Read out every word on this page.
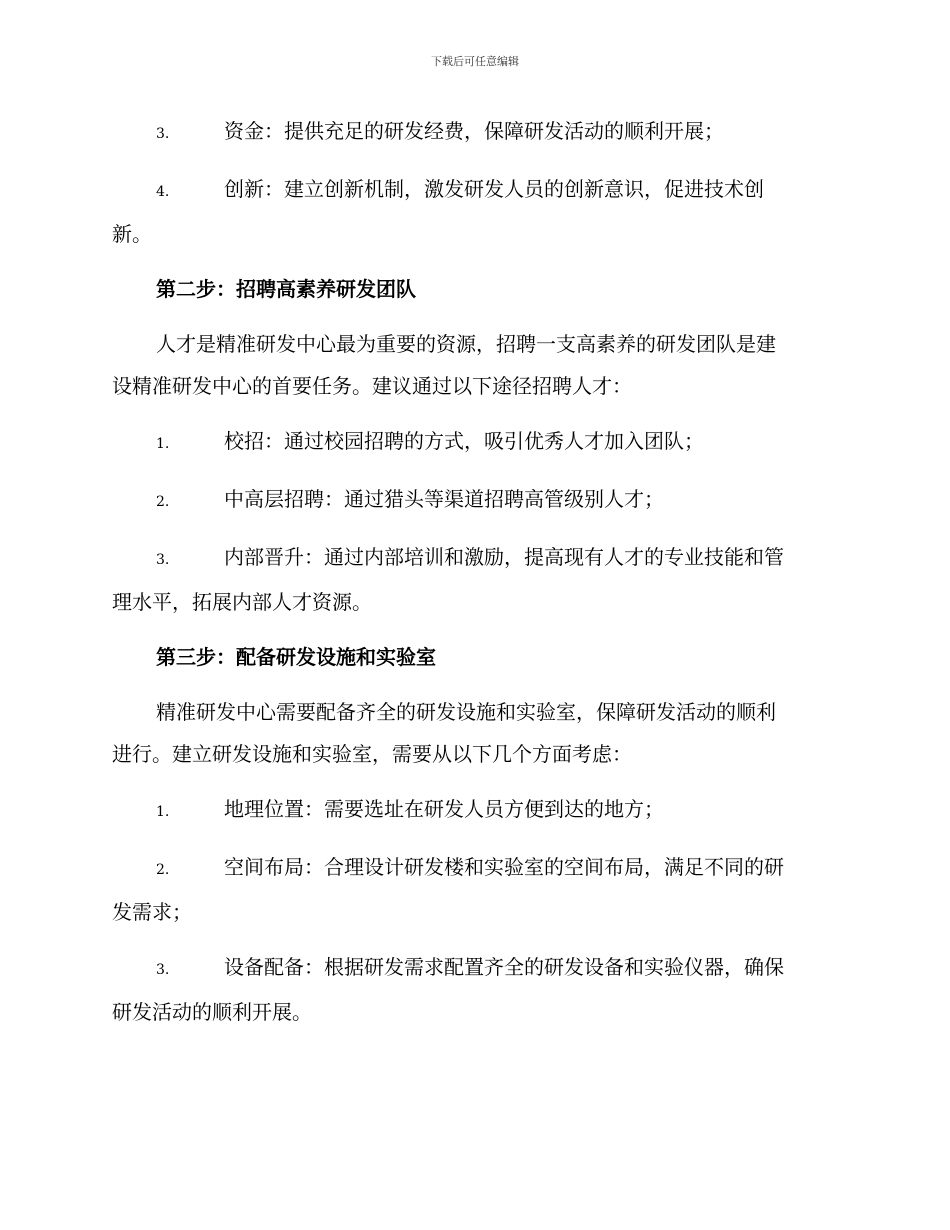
下载后可任意编辑
3.	资金：提供充足的研发经费，保障研发活动的顺利开展；
4.	创新：建立创新机制，激发研发人员的创新意识，促进技术创
新。
第二步：招聘高素养研发团队
人才是精准研发中心最为重要的资源，招聘一支高素养的研发团队是建
设精准研发中心的首要任务。建议通过以下途径招聘人才：
1.	校招：通过校园招聘的方式，吸引优秀人才加入团队；
2.	中高层招聘：通过猎头等渠道招聘高管级别人才；
3.	内部晋升：通过内部培训和激励，提高现有人才的专业技能和管
理水平，拓展内部人才资源。
第三步：配备研发设施和实验室
精准研发中心需要配备齐全的研发设施和实验室，保障研发活动的顺利
进行。建立研发设施和实验室，需要从以下几个方面考虑：
1.	地理位置：需要选址在研发人员方便到达的地方；
2.	空间布局：合理设计研发楼和实验室的空间布局，满足不同的研
发需求；
3.	设备配备：根据研发需求配置齐全的研发设备和实验仪器，确保
研发活动的顺利开展。
